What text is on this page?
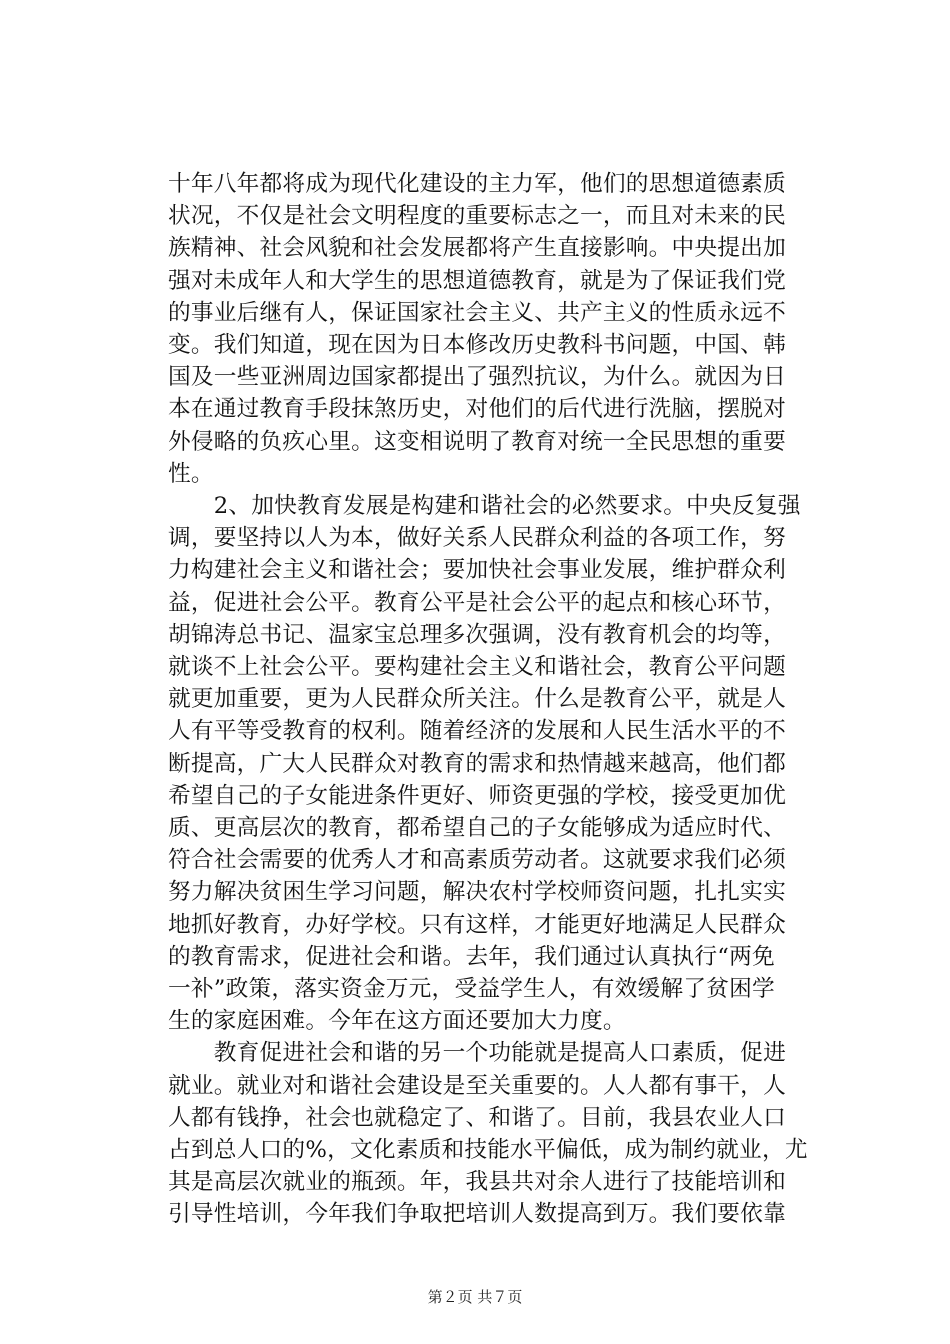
十年八年都将成为现代化建设的主力军，他们的思想道德素质
状况，不仅是社会文明程度的重要标志之一，而且对未来的民
族精神、社会风貌和社会发展都将产生直接影响。中央提出加
强对未成年人和大学生的思想道德教育，就是为了保证我们党
的事业后继有人，保证国家社会主义、共产主义的性质永远不
变。我们知道，现在因为日本修改历史教科书问题，中国、韩
国及一些亚洲周边国家都提出了强烈抗议，为什么。就因为日
本在通过教育手段抹煞历史，对他们的后代进行洗脑，摆脱对
外侵略的负疚心里。这变相说明了教育对统一全民思想的重要
性。
　　2、加快教育发展是构建和谐社会的必然要求。中央反复强
调，要坚持以人为本，做好关系人民群众利益的各项工作，努
力构建社会主义和谐社会；要加快社会事业发展，维护群众利
益，促进社会公平。教育公平是社会公平的起点和核心环节，
胡锦涛总书记、温家宝总理多次强调，没有教育机会的均等，
就谈不上社会公平。要构建社会主义和谐社会，教育公平问题
就更加重要，更为人民群众所关注。什么是教育公平，就是人
人有平等受教育的权利。随着经济的发展和人民生活水平的不
断提高，广大人民群众对教育的需求和热情越来越高，他们都
希望自己的子女能进条件更好、师资更强的学校，接受更加优
质、更高层次的教育，都希望自己的子女能够成为适应时代、
符合社会需要的优秀人才和高素质劳动者。这就要求我们必须
努力解决贫困生学习问题，解决农村学校师资问题，扎扎实实
地抓好教育，办好学校。只有这样，才能更好地满足人民群众
的教育需求，促进社会和谐。去年，我们通过认真执行“两免
一补”政策，落实资金万元，受益学生人，有效缓解了贫困学
生的家庭困难。今年在这方面还要加大力度。
　　教育促进社会和谐的另一个功能就是提高人口素质，促进
就业。就业对和谐社会建设是至关重要的。人人都有事干，人
人都有钱挣，社会也就稳定了、和谐了。目前，我县农业人口
占到总人口的%，文化素质和技能水平偏低，成为制约就业，尤
其是高层次就业的瓶颈。年，我县共对余人进行了技能培训和
引导性培训，今年我们争取把培训人数提高到万。我们要依靠
第２页 共７页
